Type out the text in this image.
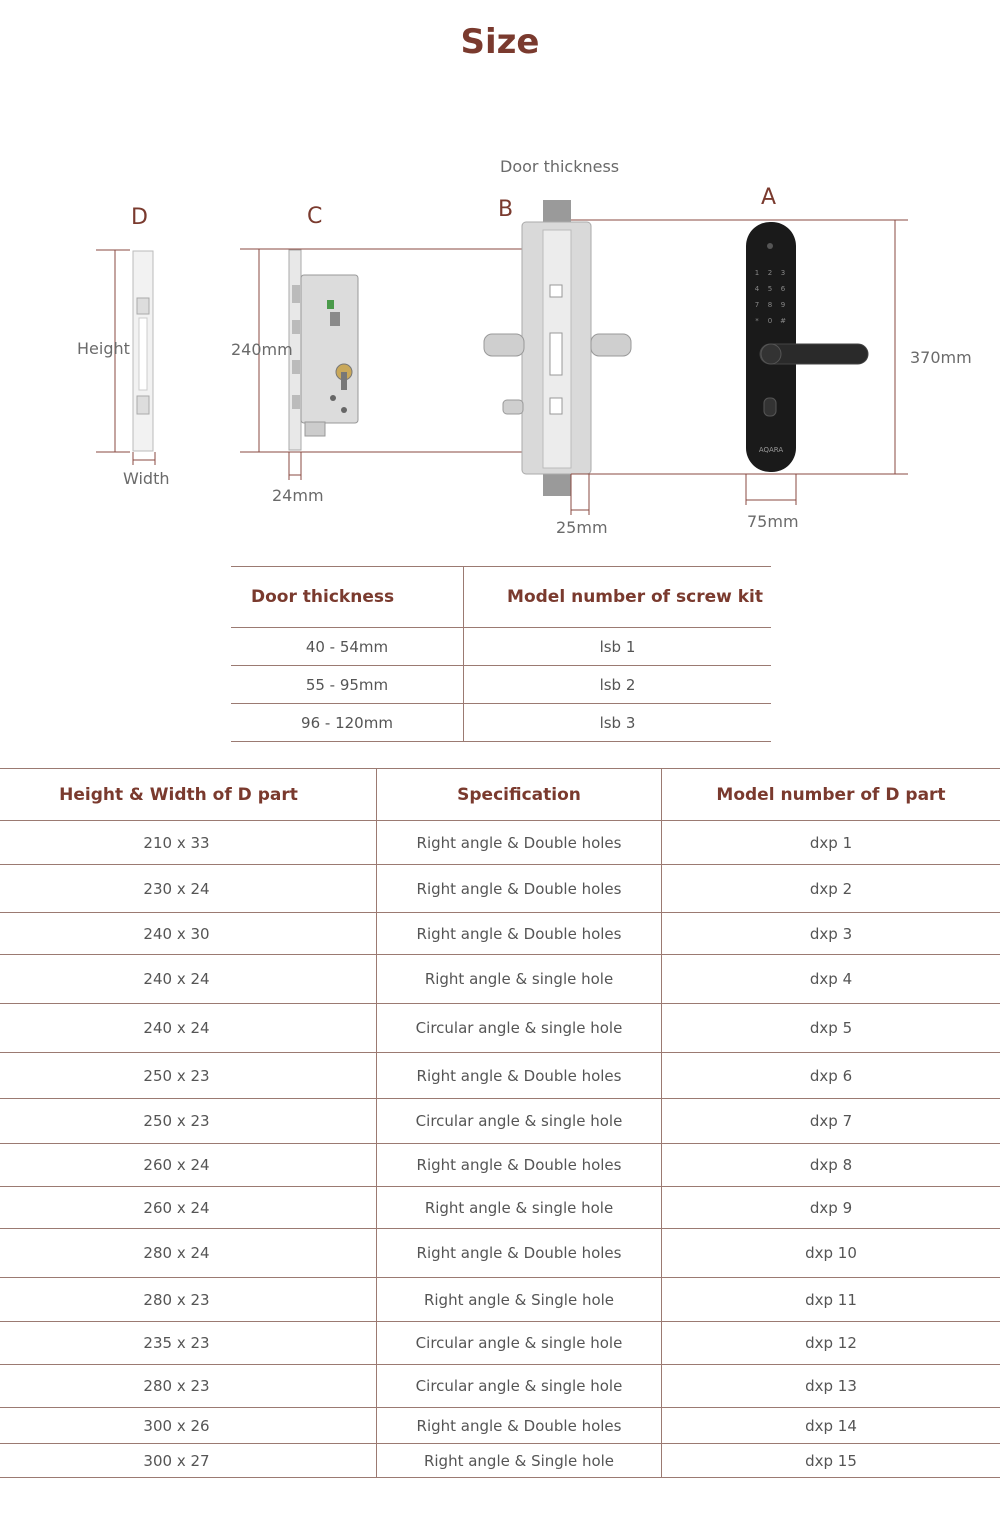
Size
1 2 3
4 5 6
7 8 9
* 0 #
AQARA
D	C	B	A
Door thickness
Height
Width
240mm
24mm
25mm
370mm
75mm
Door thickness	Model number of screw kit
40 - 54mm	lsb 1
55 - 95mm	lsb 2
96 - 120mm	lsb 3
Height & Width of D part	Specification	Model number of D part
210 x 33	Right angle & Double holes	dxp 1
230 x 24	Right angle & Double holes	dxp 2
240 x 30	Right angle & Double holes	dxp 3
240 x 24	Right angle & single hole	dxp 4
240 x 24	Circular angle & single hole	dxp 5
250 x 23	Right angle & Double holes	dxp 6
250 x 23	Circular angle & single hole	dxp 7
260 x 24	Right angle & Double holes	dxp 8
260 x 24	Right angle & single hole	dxp 9
280 x 24	Right angle & Double holes	dxp 10
280 x 23	Right angle & Single hole	dxp 11
235 x 23	Circular angle & single hole	dxp 12
280 x 23	Circular angle & single hole	dxp 13
300 x 26	Right angle & Double holes	dxp 14
300 x 27	Right angle & Single hole	dxp 15
